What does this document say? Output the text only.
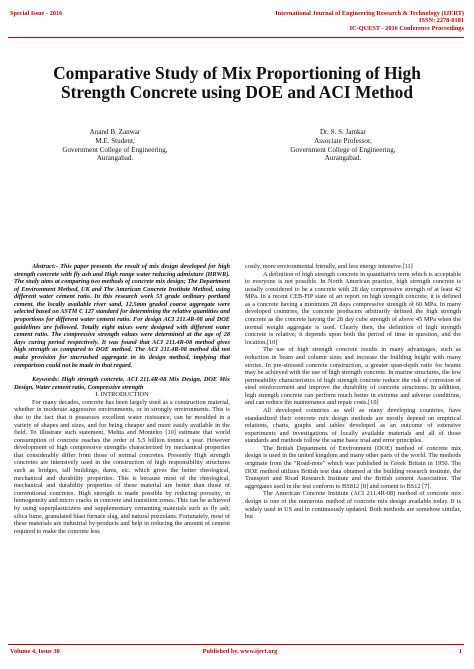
Special Issue - 2016	International Journal of Engineering Research & Technology (IJERT)
ISSN: 2278-0181
IC-QUEST - 2016 Conference Proceedings
Comparative Study of Mix Proportioning of High
Strength Concrete using DOE and ACI Method
Anand B. Zanwar
M.E. Student,
Government College of Engineering,
Aurangabad.
Dr. S. S. Jamkar
Associate Professor,
Government College of Engineering,
Aurangabad.

Abstract:- This paper presents the result of mix design developed for high strength concrete with fly ash and High range water reducing admixture (HRWR). The study aims at comparing two methods of concrete mix design; The Department of Environment Method, UK and The American Concrete Institute Method, using different water cement ratio. In this research work 53 grade ordinary portland cement, the locally available river sand, 12.5mm graded coarse aggregate were selected based on ASTM C 127 standard for determining the relative quantities and proportions for different water cement ratio. For design ACI 211.4R-08 and DOE guidelines are followed. Totally eight mixes were designed with different water cement ratio. The compressive strength values were determined at the age of 28 days curing period respectively. It was found that ACI 211.4R-08 method gives high strength as compared to DOE method. The ACI 211.4R-08 method did not make provision for uncrushed aggregate in its design method, implying that comparison could not be made in that regard.

Keywords: High strength concrete, ACI 211.4R-08 Mix Design, DOE Mix Design, Water cement ratio, Compressive strength

I. INTRODUCTION

For many decades, concrete has been largely used as a construction material, whether in moderate aggressive environments, or in strongly environments. This is due to the fact that it possesses excellent water resistance, can be moulded in a variety of shapes and sizes, and for being cheaper and more easily available in the field. To illustrate such statement, Mehta and Monteiro [10] estimate that world consumption of concrete reaches the order of 5.5 billion tonnes a year. However development of high compressive strengths characterized by mechanical properties that considerably differ from those of normal concretes. Presently High strength concretes are intensively used in the construction of high responsibility structures such as bridges, tall buildings, dams, etc. which gives the better rheological, mechanical and durability properties. This is because most of the rheological, mechanical and durability properties of these material are better than those of conventional concretes. High strength is made possible by reducing porosity, in homogeneity and micro cracks in concrete and transition zones. This can be achieved by using superplasticizers and supplementary cementing materials such as fly ash, silica fume, granulated blast furnace slag, and natural pozzolans. Fortunately, most of these materials are industrial by-products and help in reducing the amount of cement required to make the concrete less

costly, more environmental friendly, and less energy intensive.[11]

A definition of high strength concrete in quantitative term which is acceptable to everyone is not possible. In North American practice, high strength concrete is usually considered to be a concrete with 28 day compressive strength of at least 42 MPa. In a recent CEB-FIP state of art report on high strength concrete, it is defined as a concrete having a minimum 28 days compressive strength of 60 MPa. In many developed countries, the concrete producers arbitrarily defined the high strength concrete as the concrete having the 28 day cube strength of above 45 MPa when the normal weight aggregate is used. Clearly then, the definition of high strength concrete is relative; it depends upon both the period of time in question, and the location.[10]

The use of high strength concrete results in many advantages, such as reduction in beam and column sizes and increase the building height with many stories. In pre-stressed concrete construction, a greater span-depth ratio for beams may be achieved with the use of high strength concrete. In marine structures, the low permeability characteristics of high strength concrete reduce the risk of corrosion of steel reinforcement and improve the durability of concrete structures. In addition, high strength concrete can perform much better in extreme and adverse conditions, and can reduce the maintenance and repair costs.[10]

All developed countries as well as many developing countries, have standardized their concrete mix design methods are mostly depend on empirical relations, charts, graphs and tables developed as an outcome of extensive experiments and investigations of locally available materials and all of those standards and methods follow the same basic trial and error principles.

The British Department of Environment (DOE) method of concrete mix design is used in the united kingdom and many other parts of the world. The methods originate from the "Road-note" which was published in Greek Britain in 1950. The DOE method utilizes British test data obtained at the building research institute, the Transport and Road Research Institute and the British cement Association. The aggregates used in the test conform to BS812 [8] and cement to BS12 [7].

The American Concrete Institute (ACI 211.4R-08) method of concrete mix design is one of the numerous method of concrete mix design available today. It is widely used in US and in continuously updated. Both methods are somehow similar, but

Volume 4, Issue 30	Published by, www.ijert.org	1
